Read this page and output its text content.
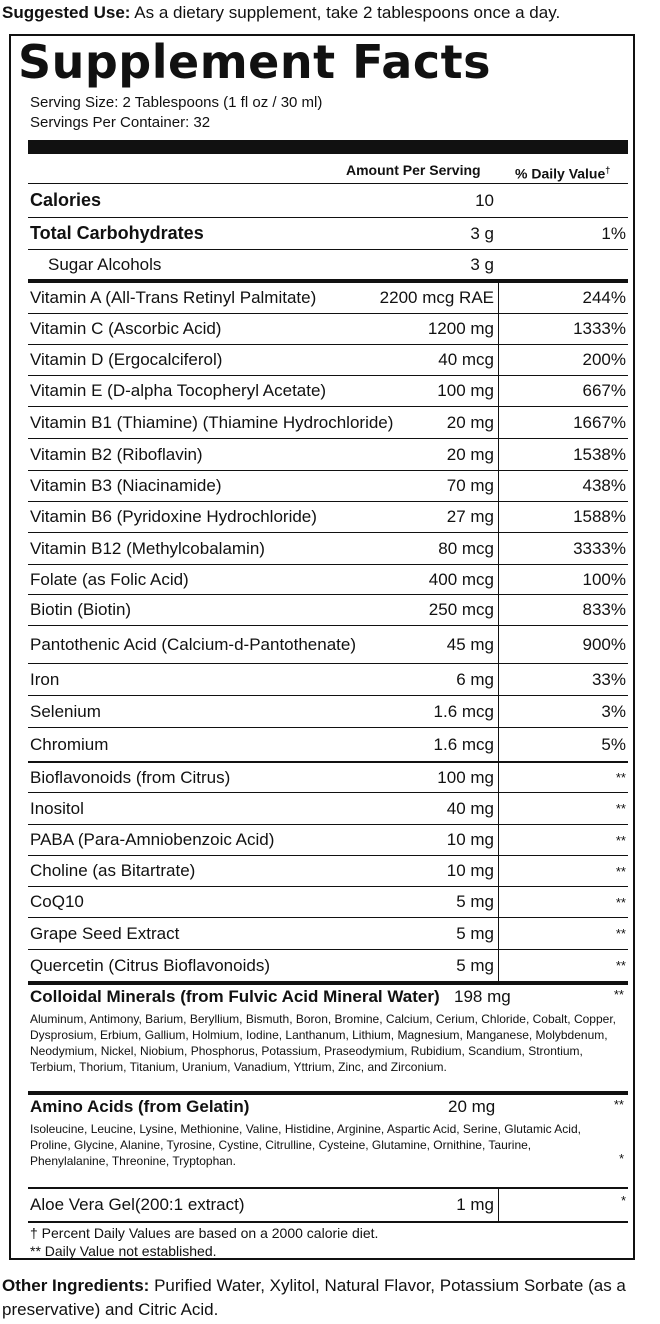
Suggested Use: As a dietary supplement, take 2 tablespoons once a day.
Supplement Facts
Serving Size: 2 Tablespoons (1 fl oz / 30 ml)
Servings Per Container: 32
Amount Per Serving % Daily Value†
Calories	10
Total Carbohydrates	3 g	1%
Sugar Alcohols	3 g
Vitamin A (All-Trans Retinyl Palmitate)	2200 mcg RAE	244%
Vitamin C (Ascorbic Acid)	1200 mg	1333%
Vitamin D (Ergocalciferol)	40 mcg	200%
Vitamin E (D-alpha Tocopheryl Acetate)	100 mg	667%
Vitamin B1 (Thiamine) (Thiamine Hydrochloride)	20 mg	1667%
Vitamin B2 (Riboflavin)	20 mg	1538%
Vitamin B3 (Niacinamide)	70 mg	438%
Vitamin B6 (Pyridoxine Hydrochloride)	27 mg	1588%
Vitamin B12 (Methylcobalamin)	80 mcg	3333%
Folate (as Folic Acid)	400 mcg	100%
Biotin (Biotin)	250 mcg	833%
Pantothenic Acid (Calcium-d-Pantothenate)	45 mg	900%
Iron	6 mg	33%
Selenium	1.6 mcg	3%
Chromium	1.6 mcg	5%
Bioflavonoids (from Citrus)	100 mg	**
Inositol	40 mg	**
PABA (Para-Amniobenzoic Acid)	10 mg	**
Choline (as Bitartrate)	10 mg	**
CoQ10	5 mg	**
Grape Seed Extract	5 mg	**
Quercetin (Citrus Bioflavonoids)	5 mg	**
Colloidal Minerals (from Fulvic Acid Mineral Water) 198 mg	**
Aluminum, Antimony, Barium, Beryllium, Bismuth, Boron, Bromine, Calcium, Cerium, Chloride, Cobalt, Copper, Dysprosium, Erbium, Gallium, Holmium, Iodine, Lanthanum, Lithium, Magnesium, Manganese, Molybdenum, Neodymium, Nickel, Niobium, Phosphorus, Potassium, Praseodymium, Rubidium, Scandium, Strontium, Terbium, Thorium, Titanium, Uranium, Vanadium, Yttrium, Zinc, and Zirconium.
Amino Acids (from Gelatin)	20 mg	**
Isoleucine, Leucine, Lysine, Methionine, Valine, Histidine, Arginine, Aspartic Acid, Serine, Glutamic Acid, Proline, Glycine, Alanine, Tyrosine, Cystine, Citrulline, Cysteine, Glutamine, Ornithine, Taurine, Phenylalanine, Threonine, Tryptophan.	*
Aloe Vera Gel(200:1 extract)	1 mg	*
† Percent Daily Values are based on a 2000 calorie diet.
** Daily Value not established.
Other Ingredients: Purified Water, Xylitol, Natural Flavor, Potassium Sorbate (as a preservative) and Citric Acid.
